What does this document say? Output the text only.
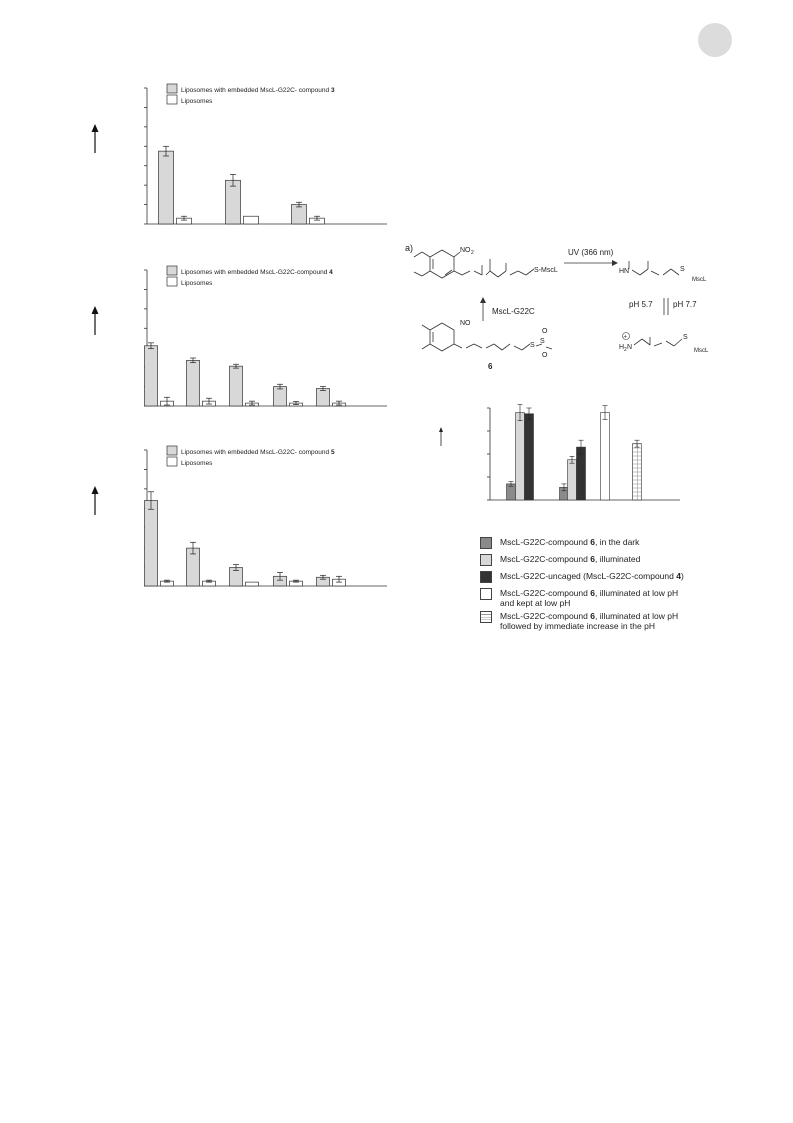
Liposomes with embedded MscL-G22C- compound 3
Liposomes
Liposomes with embedded MscL-G22C-compound 4
Liposomes
Liposomes with embedded MscL-G22C- compound 5
Liposomes
a)	NO 2
S-MscL
UV (366 nm)
HN	S
MscL
pH 5.7	pH 7.7
MscL-G22C
NO
S
S
O
O
6
+
H 2 N
S
MscL
MscL-G22C-compound 6, in the dark
MscL-G22C-compound 6, illuminated
MscL-G22C-uncaged (MscL-G22C-compound 4)
MscL-G22C-compound 6, illuminated at low pH
and kept at low pH
MscL-G22C-compound 6, illuminated at low pH
followed by immediate increase in the pH
